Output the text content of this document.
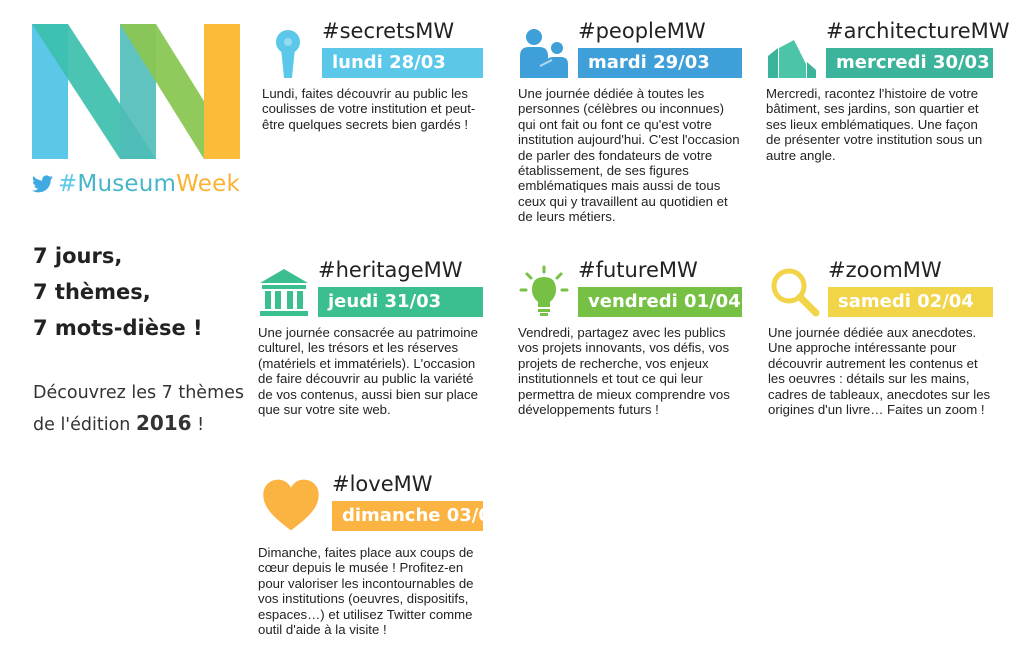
# Museum Week
7 jours,
7 thèmes,
7 mots-dièse !
Découvrez les 7 thèmes
de l'édition 2016 !
#secretsMW
lundi 28/03
Lundi, faites découvrir au public les coulisses de votre institution et peut-être quelques secrets bien gardés !
#peopleMW
mardi 29/03
Une journée dédiée à toutes les personnes (célèbres ou inconnues) qui ont fait ou font ce qu'est votre institution aujourd'hui. C'est l'occasion de parler des fondateurs de votre établissement, de ses figures emblématiques mais aussi de tous ceux qui y travaillent au quotidien et de leurs métiers.
#architectureMW
mercredi 30/03
Mercredi, racontez l'histoire de votre bâtiment, ses jardins, son quartier et ses lieux emblématiques. Une façon de présenter votre institution sous un autre angle.
#heritageMW
jeudi 31/03
Une journée consacrée au patrimoine culturel, les trésors et les réserves (matériels et immatériels). L'occasion de faire découvrir au public la variété de vos contenus, aussi bien sur place que sur votre site web.
#futureMW
vendredi 01/04
Vendredi, partagez avec les publics vos projets innovants, vos défis, vos projets de recherche, vos enjeux institutionnels et tout ce qui leur permettra de mieux comprendre vos développements futurs !
#zoomMW
samedi 02/04
Une journée dédiée aux anecdotes. Une approche intéressante pour découvrir autrement les contenus et les oeuvres : détails sur les mains, cadres de tableaux, anecdotes sur les origines d'un livre… Faites un zoom !
#loveMW
dimanche 03/04
Dimanche, faites place aux coups de cœur depuis le musée ! Profitez-en pour valoriser les incontournables de vos institutions (oeuvres, dispositifs, espaces…) et utilisez Twitter comme outil d'aide à la visite !
